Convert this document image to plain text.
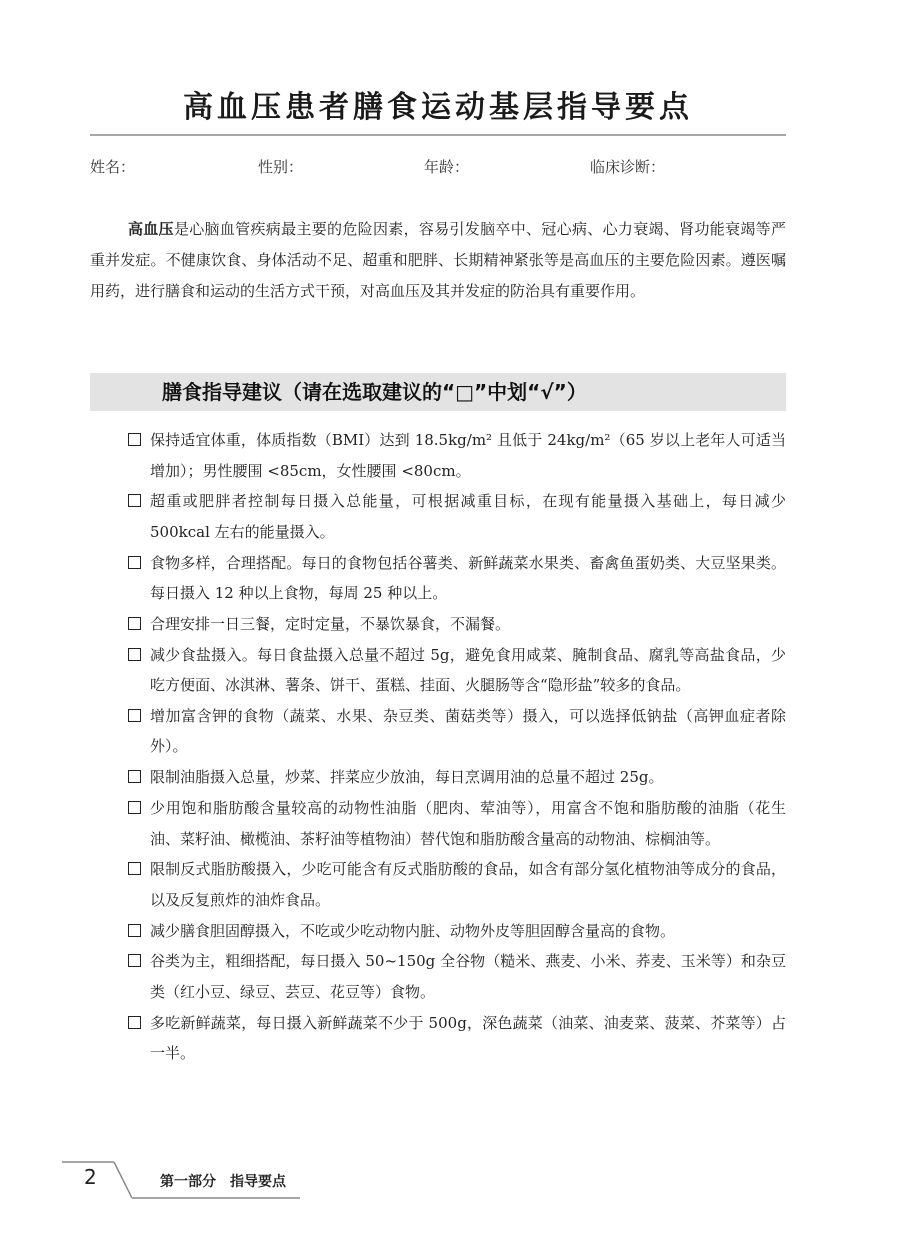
高血压患者膳食运动基层指导要点
姓名：	性别：	年龄：	临床诊断：
高血压是心脑血管疾病最主要的危险因素，容易引发脑卒中、冠心病、心力衰竭、肾功能衰竭等严重并发症。不健康饮食、身体活动不足、超重和肥胖、长期精神紧张等是高血压的主要危险因素。遵医嘱用药，进行膳食和运动的生活方式干预，对高血压及其并发症的防治具有重要作用。
膳食指导建议（请在选取建议的“□”中划“√”）
保持适宜体重，体质指数（BMI）达到 18.5kg/m² 且低于 24kg/m²（65 岁以上老年人可适当增加）；男性腰围 <85cm，女性腰围 <80cm。
超重或肥胖者控制每日摄入总能量，可根据减重目标，在现有能量摄入基础上，每日减少 500kcal 左右的能量摄入。
食物多样，合理搭配。每日的食物包括谷薯类、新鲜蔬菜水果类、畜禽鱼蛋奶类、大豆坚果类。每日摄入 12 种以上食物，每周 25 种以上。
合理安排一日三餐，定时定量，不暴饮暴食，不漏餐。
减少食盐摄入。每日食盐摄入总量不超过 5g，避免食用咸菜、腌制食品、腐乳等高盐食品，少吃方便面、冰淇淋、薯条、饼干、蛋糕、挂面、火腿肠等含“隐形盐”较多的食品。
增加富含钾的食物（蔬菜、水果、杂豆类、菌菇类等）摄入，可以选择低钠盐（高钾血症者除外）。
限制油脂摄入总量，炒菜、拌菜应少放油，每日烹调用油的总量不超过 25g。
少用饱和脂肪酸含量较高的动物性油脂（肥肉、荤油等），用富含不饱和脂肪酸的油脂（花生油、菜籽油、橄榄油、茶籽油等植物油）替代饱和脂肪酸含量高的动物油、棕榈油等。
限制反式脂肪酸摄入，少吃可能含有反式脂肪酸的食品，如含有部分氢化植物油等成分的食品，以及反复煎炸的油炸食品。
减少膳食胆固醇摄入，不吃或少吃动物内脏、动物外皮等胆固醇含量高的食物。
谷类为主，粗细搭配，每日摄入 50~150g 全谷物（糙米、燕麦、小米、荞麦、玉米等）和杂豆类（红小豆、绿豆、芸豆、花豆等）食物。
多吃新鲜蔬菜，每日摄入新鲜蔬菜不少于 500g，深色蔬菜（油菜、油麦菜、菠菜、芥菜等）占一半。
2	第一部分　指导要点
